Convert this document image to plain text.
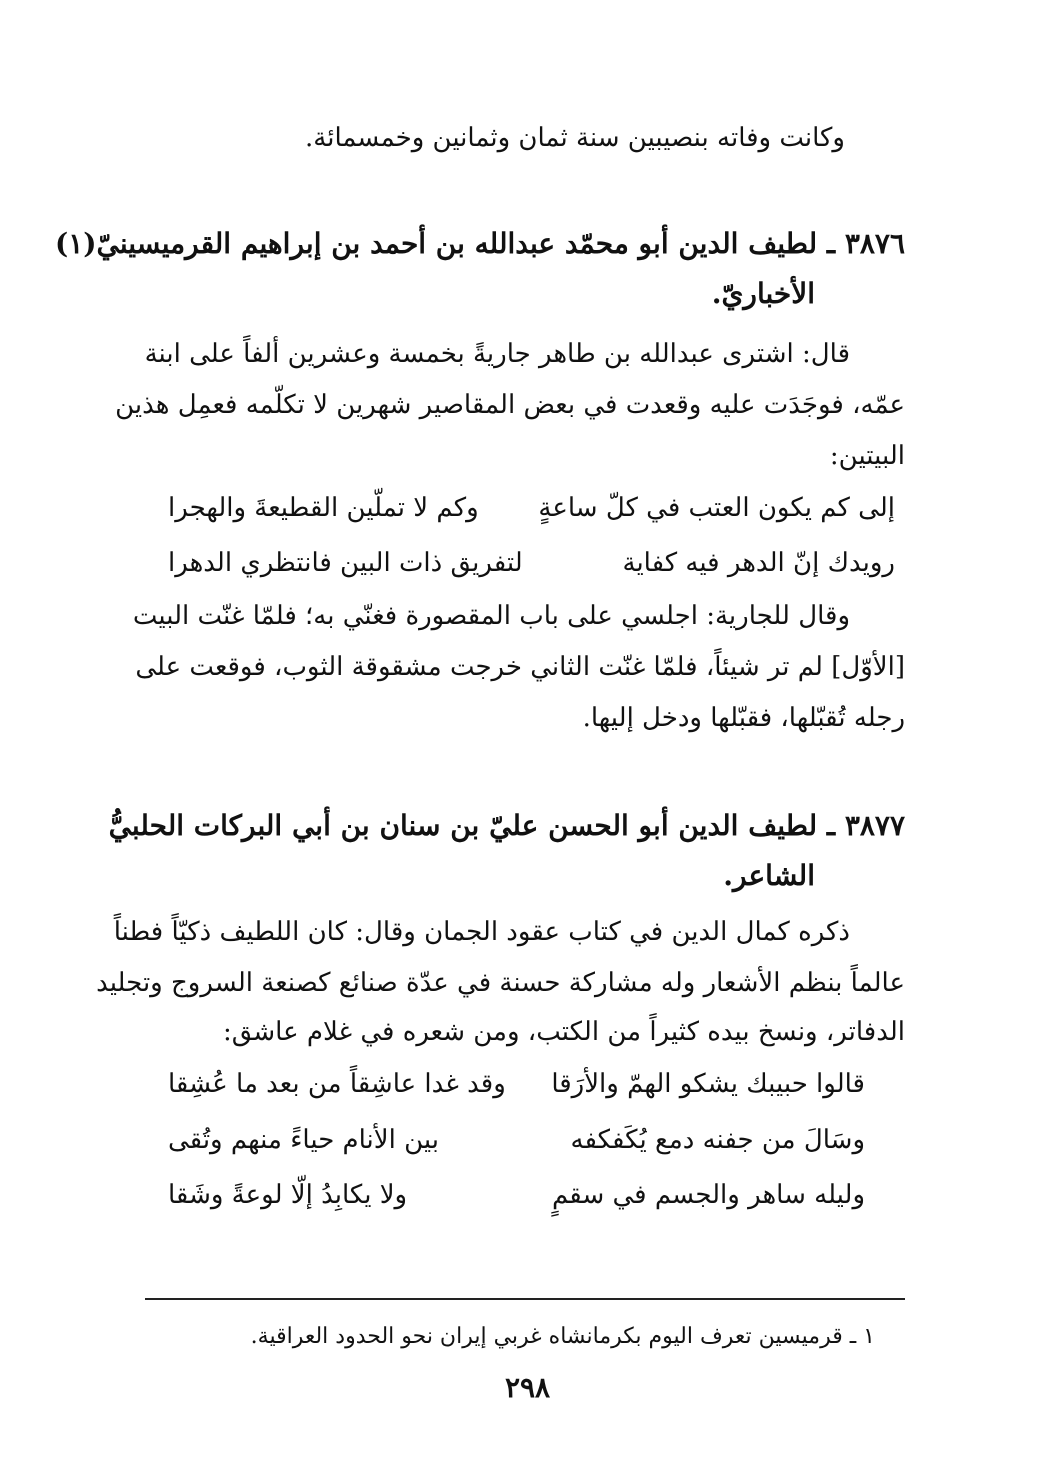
وكانت وفاته بنصيبين سنة ثمان وثمانين وخمسمائة.
٣٨٧٦ ـ لطيف الدين أبو محمّد عبدالله بن أحمد بن إبراهيم القرميسينيّ(١)
الأخباريّ.
قال: اشترى عبدالله بن طاهر جاريةً بخمسة وعشرين ألفاً على ابنة
عمّه، فوجَدَت عليه وقعدت في بعض المقاصير شهرين لا تكلّمه فعمِل هذين
البيتين:
إلى كم يكون العتب في كلّ ساعةٍ
وكم لا تملّين القطيعةَ والهجرا
رويدك إنّ الدهر فيه كفاية
لتفريق ذات البين فانتظري الدهرا
وقال للجارية: اجلسي على باب المقصورة فغنّي به؛ فلمّا غنّت البيت
[الأوّل] لم تر شيئاً، فلمّا غنّت الثاني خرجت مشقوقة الثوب، فوقعت على
رجله تُقبّلها، فقبّلها ودخل إليها.
٣٨٧٧ ـ لطيف الدين أبو الحسن عليّ بن سنان بن أبي البركات الحلبيُّ
الشاعر.
ذكره كمال الدين في كتاب عقود الجمان وقال: كان اللطيف ذكيّاً فطناً
عالماً بنظم الأشعار وله مشاركة حسنة في عدّة صنائع كصنعة السروج وتجليد
الدفاتر، ونسخ بيده كثيراً من الكتب، ومن شعره في غلام عاشق:
قالوا حبيبك يشكو الهمّ والأرَقا
وقد غدا عاشِقاً من بعد ما عُشِقا
وسَالَ من جفنه دمع يُكَفكفه
بين الأنام حياءً منهم وتُقى
وليله ساهر والجسم في سقمٍ
ولا يكابِدُ إلّا لوعةً وشَقا
١ ـ قرميسين تعرف اليوم بكرمانشاه غربي إيران نحو الحدود العراقية.
٢٩٨
